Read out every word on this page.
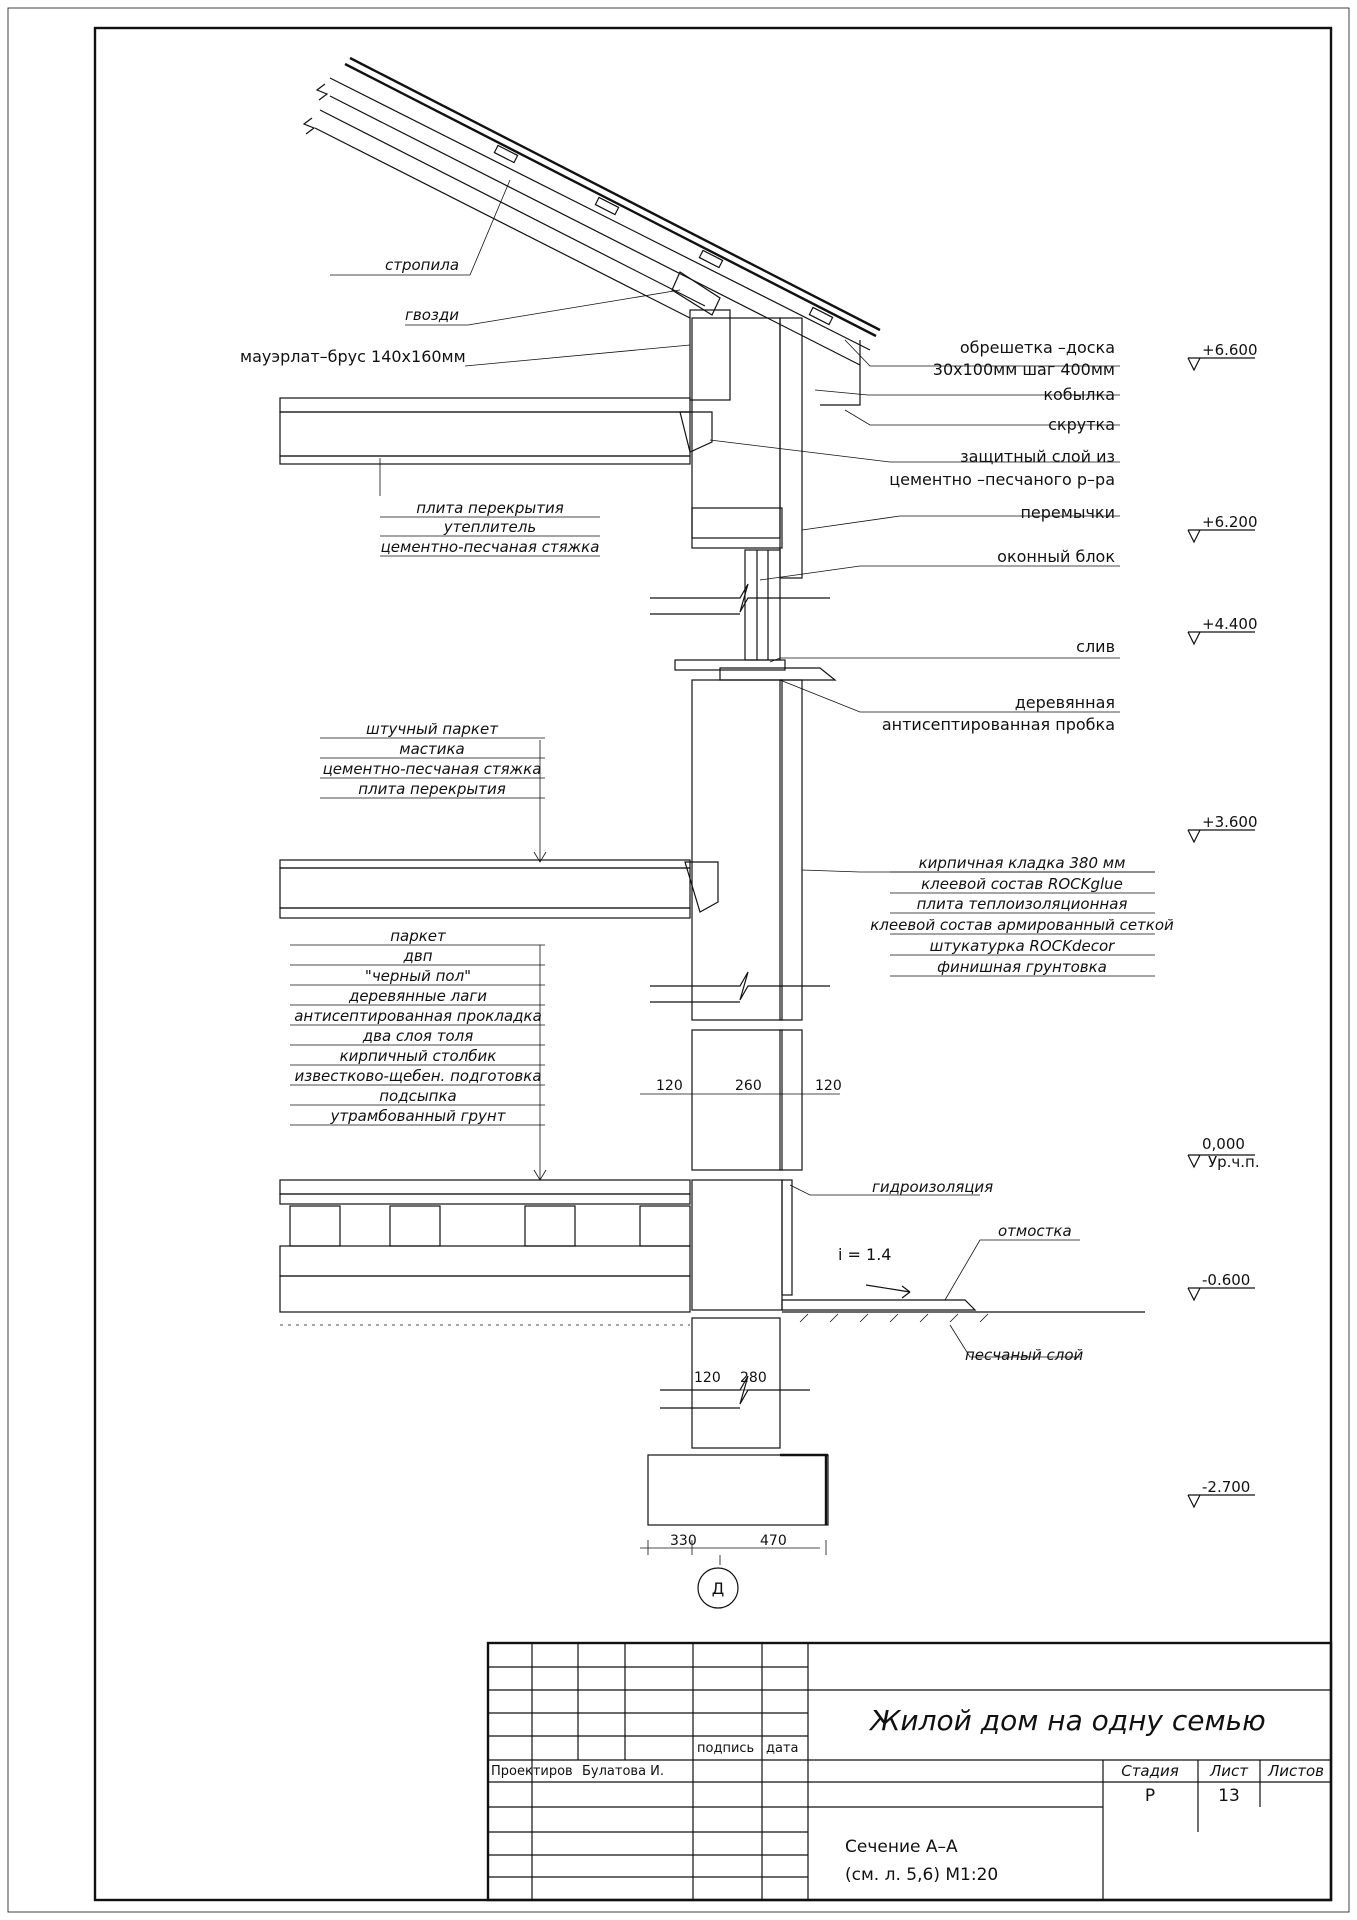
стропила
гвозди
мауэрлат–брус 140х160мм	обрешетка –доска
30х100мм шаг 400мм
кобылка
скрутка
защитный слой из
цементно –песчаного р–ра
перемычки
оконный блок
слив
деревянная
антисептированная пробка
плита перекрытия
утеплитель
цементно-песчаная стяжка
штучный паркет
мастика
цементно-песчаная стяжка
плита перекрытия
кирпичная кладка 380 мм
клеевой состав ROCKglue
плита теплоизоляционная
клеевой состав армированный сеткой
штукатурка ROCKdecor
финишная грунтовка
паркет
двп
"черный пол"
деревянные лаги
антисептированная прокладка
два слоя толя
кирпичный столбик
известково-щебен. подготовка
подсыпка
утрамбованный грунт
гидроизоляция
отмостка
песчаный слой
i = 1.4
+6.600
+6.200
+4.400
+3.600
0,000
Ур.ч.п.
-0.600
-2.700
120	260	120
120 280
330	470
Д
подпись дата
Проектиров Булатова И.
Жилой дом на одну семью
Стадия Лист Листов
Р	13
Сечение А–А
(см. л. 5,6) М1:20
